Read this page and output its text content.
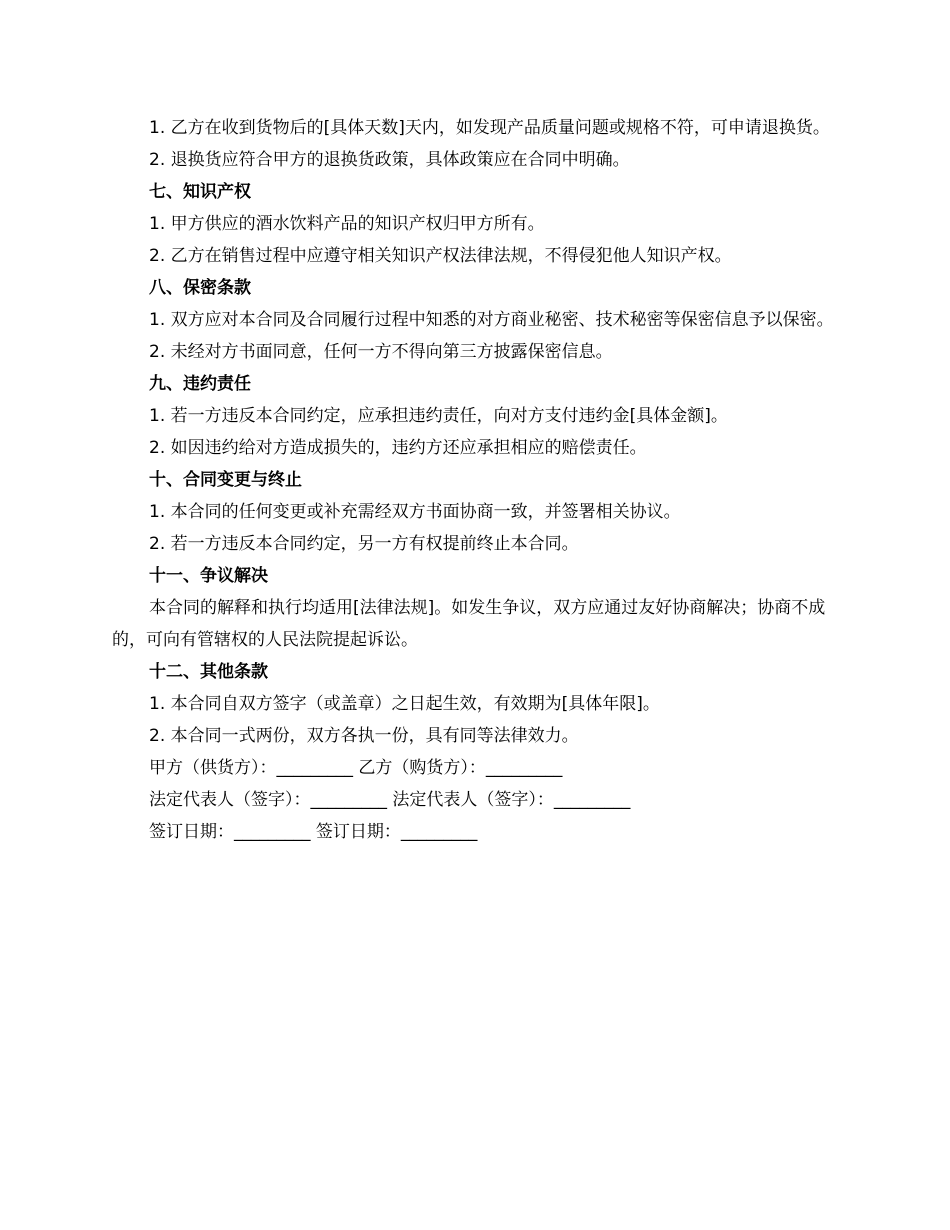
1. 乙方在收到货物后的[具体天数]天内，如发现产品质量问题或规格不符，可申请退换货。

2. 退换货应符合甲方的退换货政策，具体政策应在合同中明确。

七、知识产权

1. 甲方供应的酒水饮料产品的知识产权归甲方所有。

2. 乙方在销售过程中应遵守相关知识产权法律法规，不得侵犯他人知识产权。

八、保密条款

1. 双方应对本合同及合同履行过程中知悉的对方商业秘密、技术秘密等保密信息予以保密。

2. 未经对方书面同意，任何一方不得向第三方披露保密信息。

九、违约责任

1. 若一方违反本合同约定，应承担违约责任，向对方支付违约金[具体金额]。

2. 如因违约给对方造成损失的，违约方还应承担相应的赔偿责任。

十、合同变更与终止

1. 本合同的任何变更或补充需经双方书面协商一致，并签署相关协议。

2. 若一方违反本合同约定，另一方有权提前终止本合同。

十一、争议解决

本合同的解释和执行均适用[法律法规]。如发生争议，双方应通过友好协商解决；协商不成的，可向有管辖权的人民法院提起诉讼。

十二、其他条款

1. 本合同自双方签字（或盖章）之日起生效，有效期为[具体年限]。

2. 本合同一式两份，双方各执一份，具有同等法律效力。

甲方（供货方）：_________ 乙方（购货方）：_________

法定代表人（签字）：_________ 法定代表人（签字）：_________

签订日期：_________ 签订日期：_________
